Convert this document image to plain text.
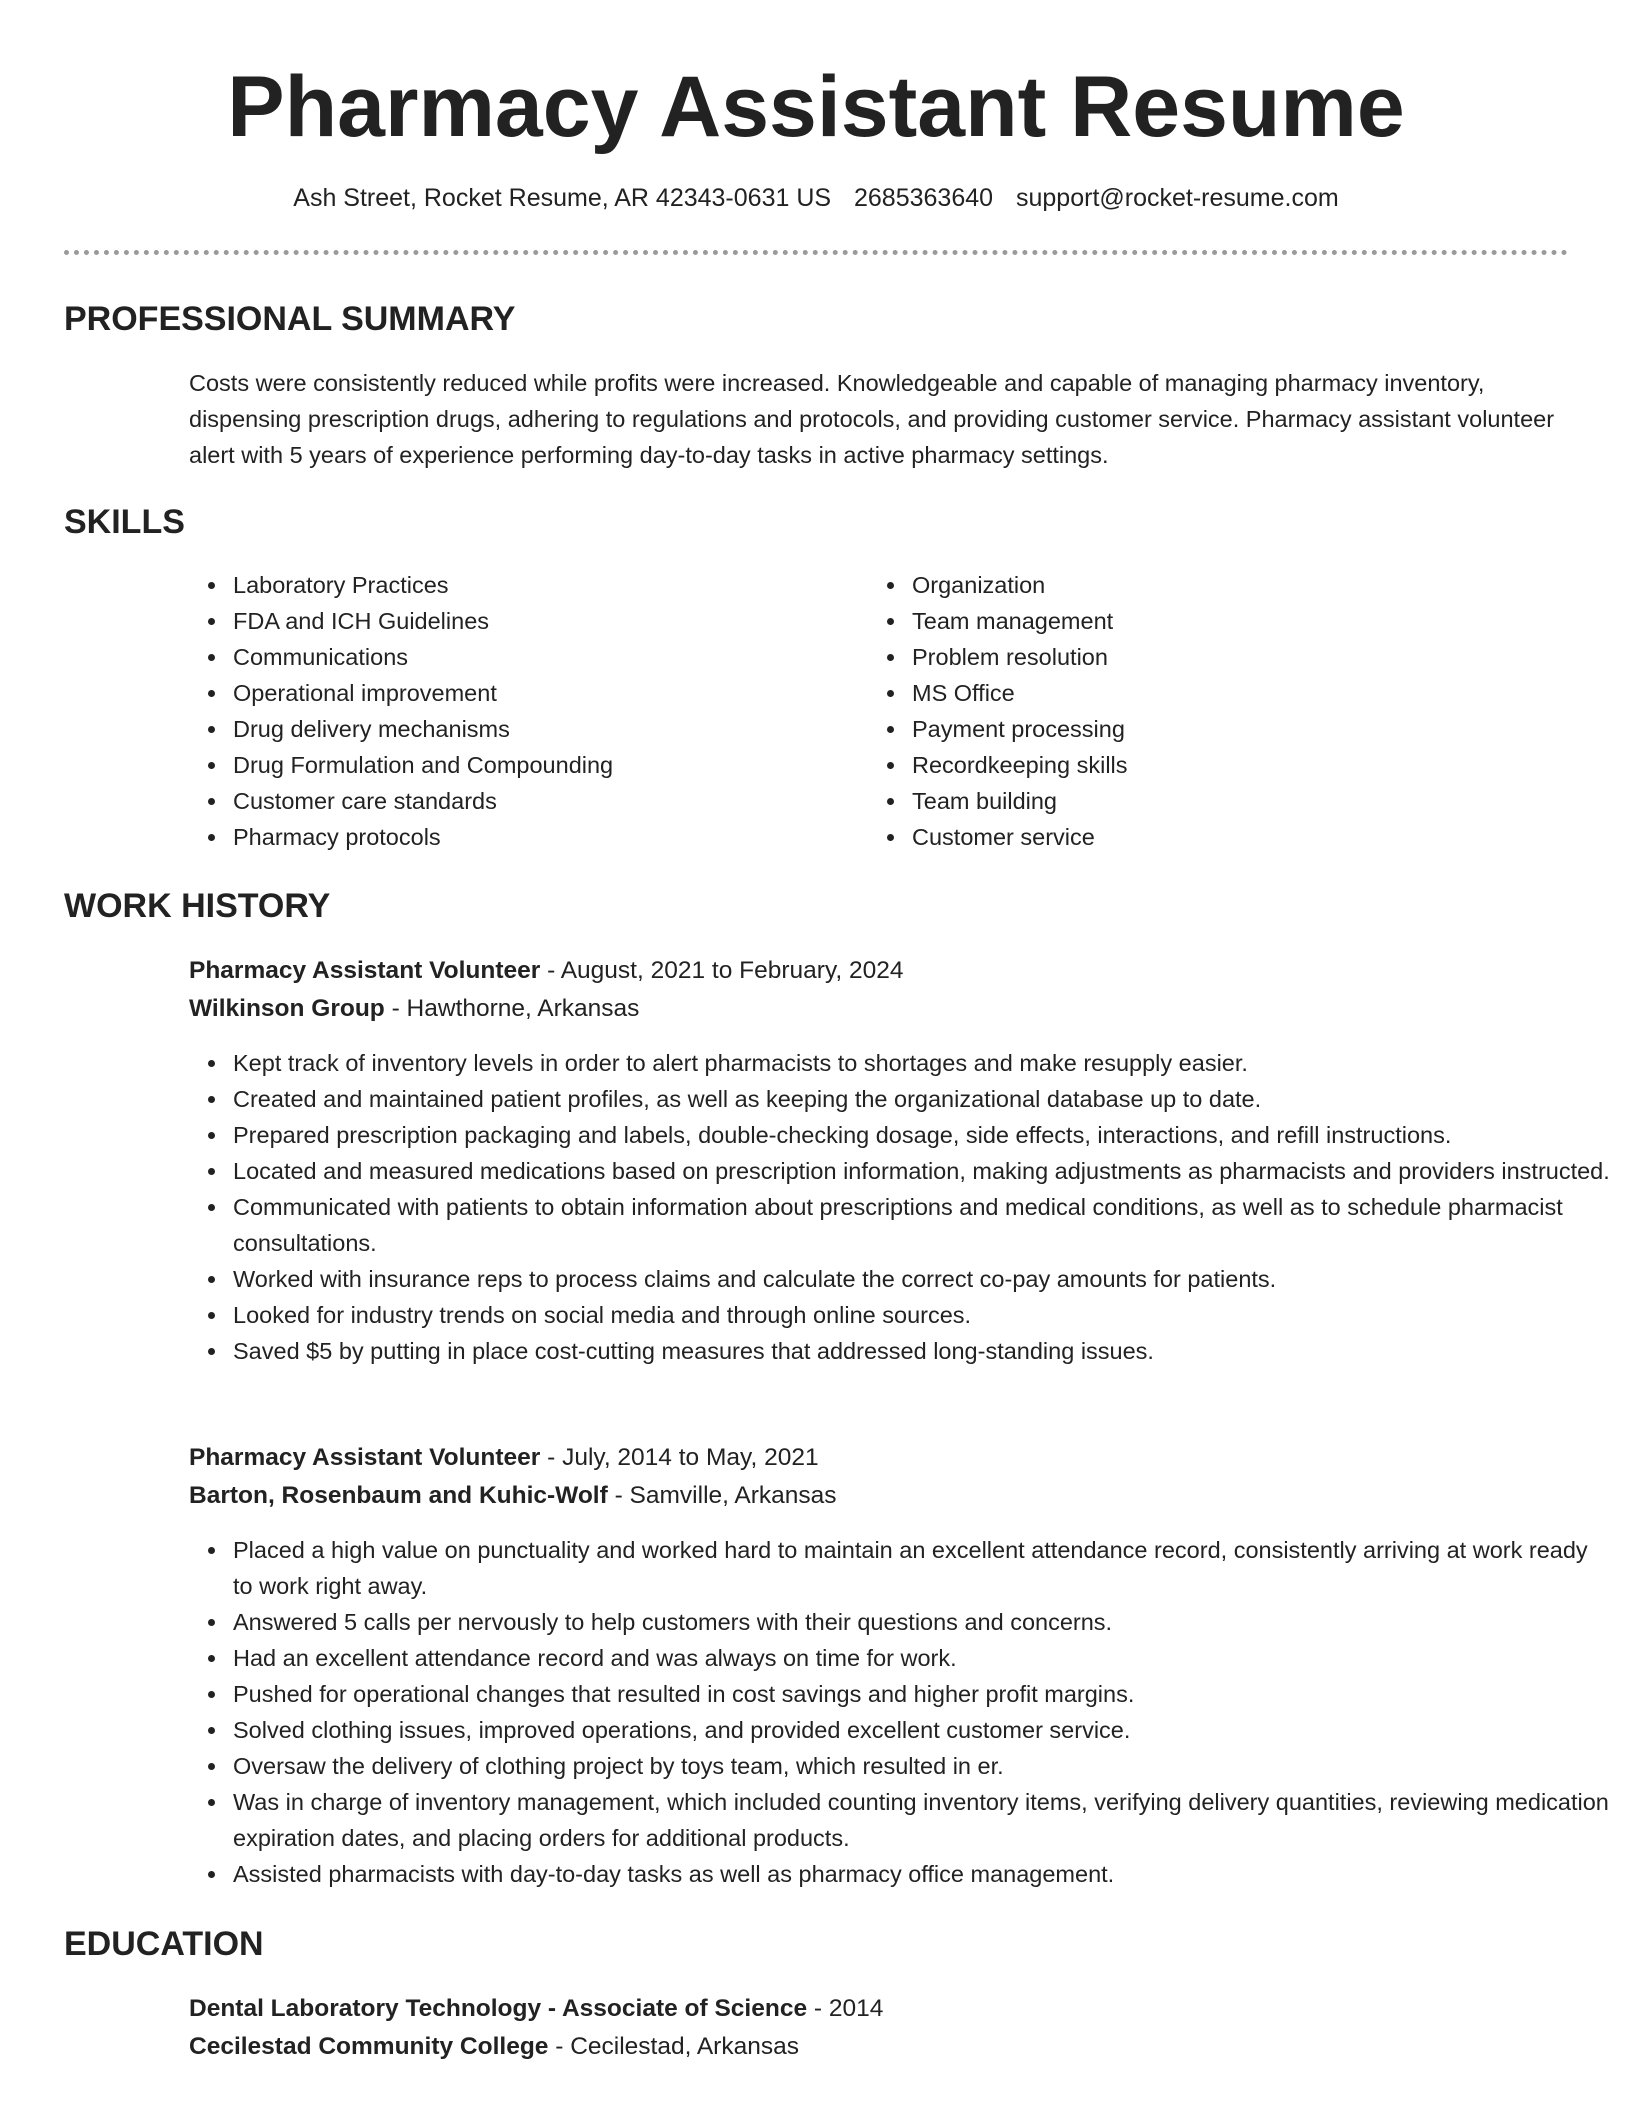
Pharmacy Assistant Resume
Ash Street, Rocket Resume, AR 42343-0631 US 2685363640 support@rocket-resume.com
PROFESSIONAL SUMMARY
Costs were consistently reduced while profits were increased. Knowledgeable and capable of managing pharmacy inventory, dispensing prescription drugs, adhering to regulations and protocols, and providing customer service. Pharmacy assistant volunteer alert with 5 years of experience performing day-to-day tasks in active pharmacy settings.
SKILLS
Laboratory Practices
FDA and ICH Guidelines
Communications
Operational improvement
Drug delivery mechanisms
Drug Formulation and Compounding
Customer care standards
Pharmacy protocols
Organization
Team management
Problem resolution
MS Office
Payment processing
Recordkeeping skills
Team building
Customer service
WORK HISTORY
Pharmacy Assistant Volunteer - August, 2021 to February, 2024
Wilkinson Group - Hawthorne, Arkansas
Kept track of inventory levels in order to alert pharmacists to shortages and make resupply easier.
Created and maintained patient profiles, as well as keeping the organizational database up to date.
Prepared prescription packaging and labels, double-checking dosage, side effects, interactions, and refill instructions.
Located and measured medications based on prescription information, making adjustments as pharmacists and providers instructed.
Communicated with patients to obtain information about prescriptions and medical conditions, as well as to schedule pharmacist consultations.
Worked with insurance reps to process claims and calculate the correct co-pay amounts for patients.
Looked for industry trends on social media and through online sources.
Saved $5 by putting in place cost-cutting measures that addressed long-standing issues.
Pharmacy Assistant Volunteer - July, 2014 to May, 2021
Barton, Rosenbaum and Kuhic-Wolf - Samville, Arkansas
Placed a high value on punctuality and worked hard to maintain an excellent attendance record, consistently arriving at work ready to work right away.
Answered 5 calls per nervously to help customers with their questions and concerns.
Had an excellent attendance record and was always on time for work.
Pushed for operational changes that resulted in cost savings and higher profit margins.
Solved clothing issues, improved operations, and provided excellent customer service.
Oversaw the delivery of clothing project by toys team, which resulted in er.
Was in charge of inventory management, which included counting inventory items, verifying delivery quantities, reviewing medication expiration dates, and placing orders for additional products.
Assisted pharmacists with day-to-day tasks as well as pharmacy office management.
EDUCATION
Dental Laboratory Technology - Associate of Science - 2014
Cecilestad Community College - Cecilestad, Arkansas
